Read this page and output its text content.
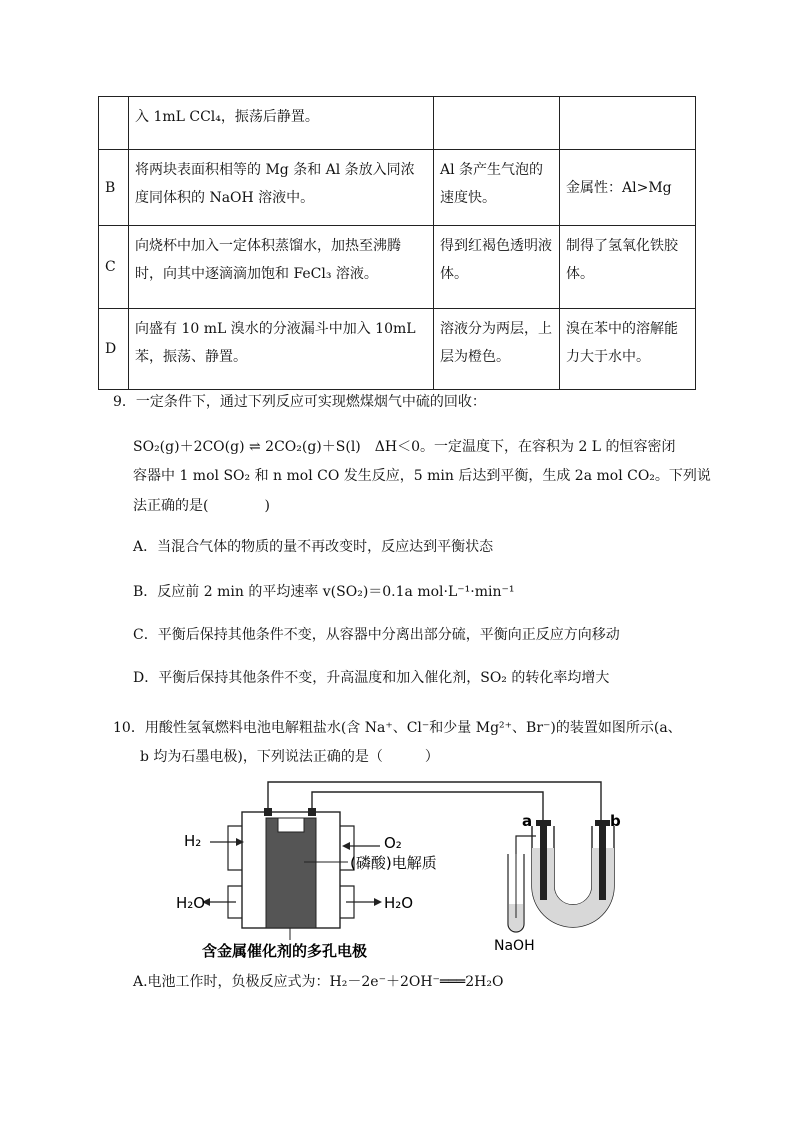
	入 1mL CCl₄，振荡后静置。		
B	将两块表面积相等的 Mg 条和 Al 条放入同浓度同体积的 NaOH 溶液中。	Al 条产生气泡的速度快。	金属性：Al>Mg
C	向烧杯中加入一定体积蒸馏水，加热至沸腾时，向其中逐滴滴加饱和 FeCl₃ 溶液。	得到红褐色透明液体。	制得了氢氧化铁胶体。
D	向盛有 10 mL 溴水的分液漏斗中加入 10mL 苯，振荡、静置。	溶液分为两层，上层为橙色。	溴在苯中的溶解能力大于水中。
9．一定条件下，通过下列反应可实现燃煤烟气中硫的回收：
SO₂(g)＋2CO(g) ⇌ 2CO₂(g)＋S(l)　ΔH＜0。一定温度下，在容积为 2 L 的恒容密闭
容器中 1 mol SO₂ 和 n mol CO 发生反应，5 min 后达到平衡，生成 2a mol CO₂。下列说
法正确的是(　　　　)
A．当混合气体的物质的量不再改变时，反应达到平衡状态
B．反应前 2 min 的平均速率 v(SO₂)＝0.1a mol·L⁻¹·min⁻¹
C．平衡后保持其他条件不变，从容器中分离出部分硫，平衡向正反应方向移动
D．平衡后保持其他条件不变，升高温度和加入催化剂，SO₂ 的转化率均增大
10．用酸性氢氧燃料电池电解粗盐水(含 Na⁺、Cl⁻和少量 Mg²⁺、Br⁻)的装置如图所示(a、
b 均为石墨电极)，下列说法正确的是（　　　）
H₂	O₂
H₂O	H₂O
(磷酸)电解质
含金属催化剂的多孔电极
a	b
NaOH
A.电池工作时，负极反应式为：H₂－2e⁻＋2OH⁻═══2H₂O
